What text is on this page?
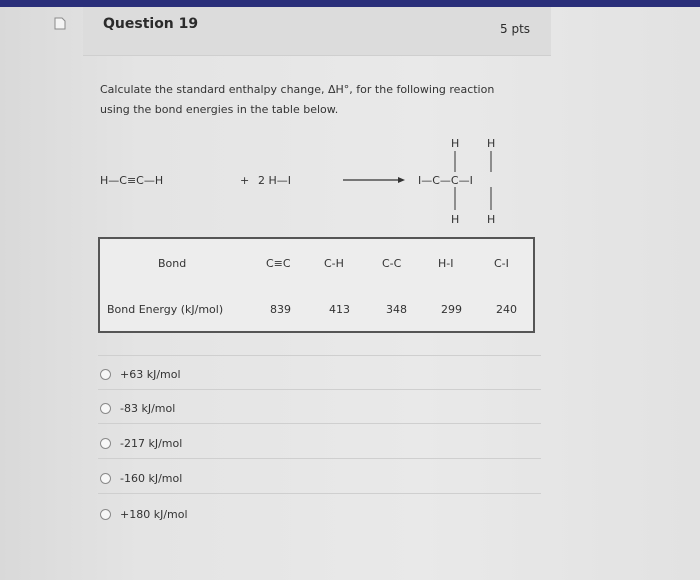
Question 19	5 pts
Calculate the standard enthalpy change, ΔH°, for the following reaction using the bond energies in the table below.
H—C≡C—H	+ 2 H—I	I—C—C—I
H	H
H	H
Bond	C≡C	C-H	C-C	H-I	C-I
Bond Energy (kJ/mol)	839	413	348	299	240
+63 kJ/mol
-83 kJ/mol
-217 kJ/mol
-160 kJ/mol
+180 kJ/mol
